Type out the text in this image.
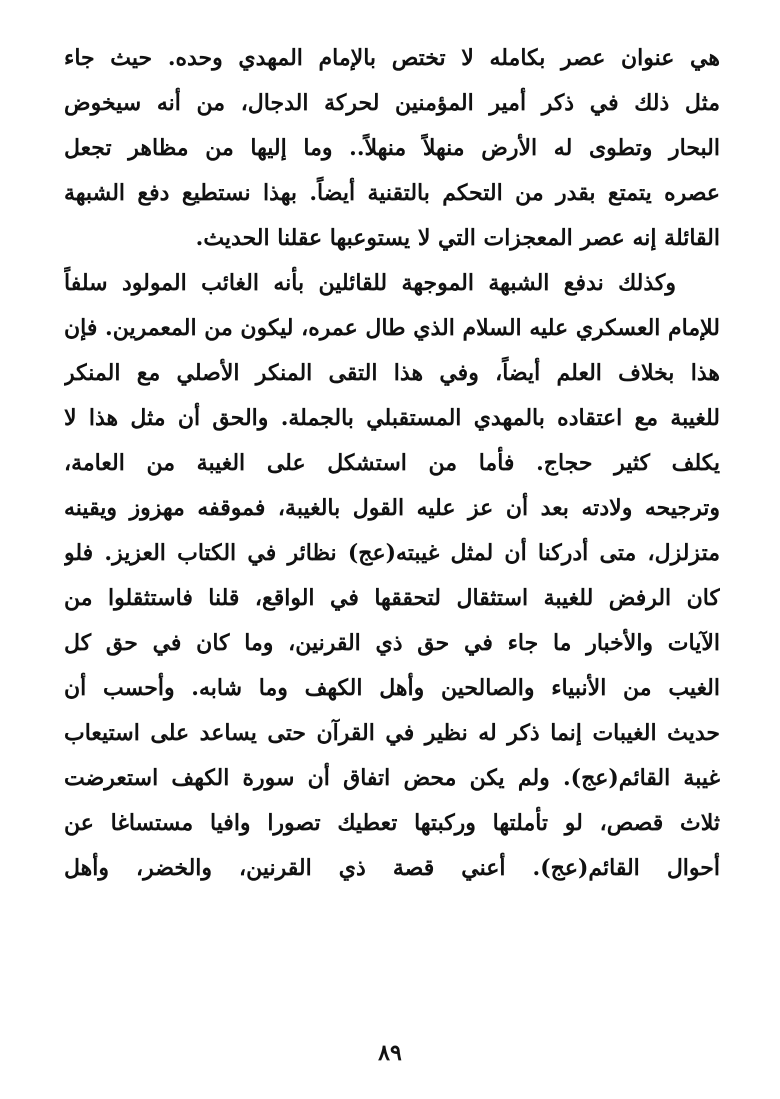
هي عنوان عصر بكامله لا تختص بالإمام المهدي وحده. حيث جاء
مثل ذلك في ذكر أمير المؤمنين لحركة الدجال، من أنه سيخوض
البحار وتطوى له الأرض منهلاً منهلاً.. وما إليها من مظاهر تجعل
عصره يتمتع بقدر من التحكم بالتقنية أيضاً. بهذا نستطيع دفع الشبهة
القائلة إنه عصر المعجزات التي لا يستوعبها عقلنا الحديث.

وكذلك ندفع الشبهة الموجهة للقائلين بأنه الغائب المولود سلفاً
للإمام العسكري عليه السلام الذي طال عمره، ليكون من المعمرين. فإن
هذا بخلاف العلم أيضاً، وفي هذا التقى المنكر الأصلي مع المنكر
للغيبة مع اعتقاده بالمهدي المستقبلي بالجملة. والحق أن مثل هذا لا
يكلف كثير حجاج. فأما من استشكل على الغيبة من العامة،
وترجيحه ولادته بعد أن عز عليه القول بالغيبة، فموقفه مهزوز ويقينه
متزلزل، متى أدركنا أن لمثل غيبته(عج) نظائر في الكتاب العزيز. فلو
كان الرفض للغيبة استثقال لتحققها في الواقع، قلنا فاستثقلوا من
الآيات والأخبار ما جاء في حق ذي القرنين، وما كان في حق كل
الغيب من الأنبياء والصالحين وأهل الكهف وما شابه. وأحسب أن
حديث الغيبات إنما ذكر له نظير في القرآن حتى يساعد على استيعاب
غيبة القائم(عج). ولم يكن محض اتفاق أن سورة الكهف استعرضت
ثلاث قصص، لو تأملتها وركبتها تعطيك تصورا وافيا مستساغا عن
أحوال القائم(عج). أعني قصة ذي القرنين، والخضر، وأهل

٨٩
